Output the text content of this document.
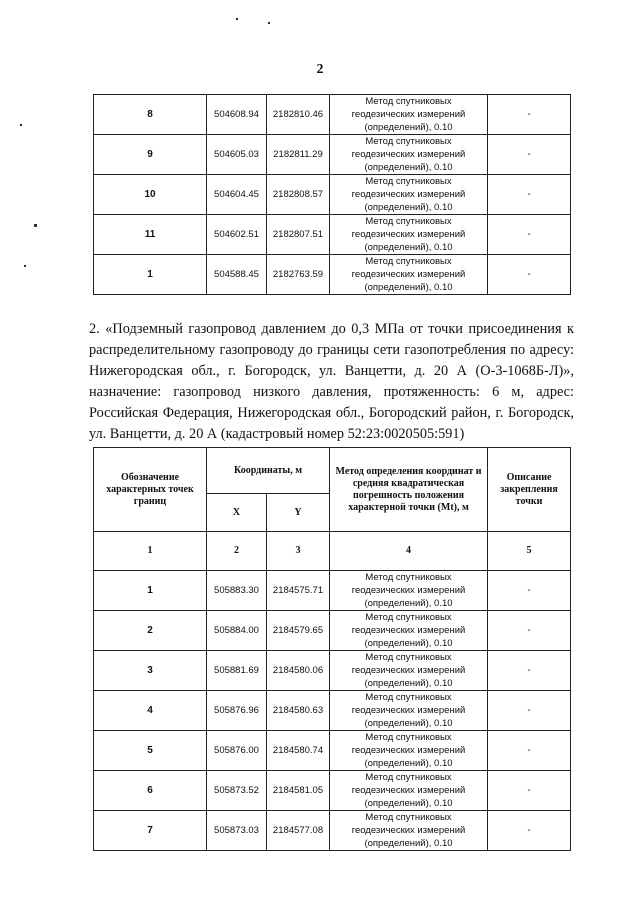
2
8	504608.94	2182810.46	Метод спутниковых
геодезических измерений
(определений), 0.10	-
9	504605.03	2182811.29	Метод спутниковых
геодезических измерений
(определений), 0.10	-
10	504604.45	2182808.57	Метод спутниковых
геодезических измерений
(определений), 0.10	-
11	504602.51	2182807.51	Метод спутниковых
геодезических измерений
(определений), 0.10	-
1	504588.45	2182763.59	Метод спутниковых
геодезических измерений
(определений), 0.10	-
2. «Подземный газопровод давлением до 0,3 МПа от точки присоединения к распределительному газопроводу до границы сети газопотребления по адресу: Нижегородская обл., г. Богородск, ул. Ванцетти, д. 20 А (О-3-1068Б-Л)», назначение: газопровод низкого давления, протяженность: 6 м, адрес: Российская Федерация, Нижегородская обл., Богородский район, г. Богородск, ул. Ванцетти, д. 20 А (кадастровый номер 52:23:0020505:591)
Обозначение характерных точек границ	Координаты, м		Метод определения координат и средняя квадратическая погрешность положения характерной точки (Mt), м	Описание закрепления точки
	X	Y		
1	2	3	4	5
1	505883.30	2184575.71	Метод спутниковых
геодезических измерений
(определений), 0.10	-
2	505884.00	2184579.65	Метод спутниковых
геодезических измерений
(определений), 0.10	-
3	505881.69	2184580.06	Метод спутниковых
геодезических измерений
(определений), 0.10	-
4	505876.96	2184580.63	Метод спутниковых
геодезических измерений
(определений), 0.10	-
5	505876.00	2184580.74	Метод спутниковых
геодезических измерений
(определений), 0.10	-
6	505873.52	2184581.05	Метод спутниковых
геодезических измерений
(определений), 0.10	-
7	505873.03	2184577.08	Метод спутниковых
геодезических измерений
(определений), 0.10	-
